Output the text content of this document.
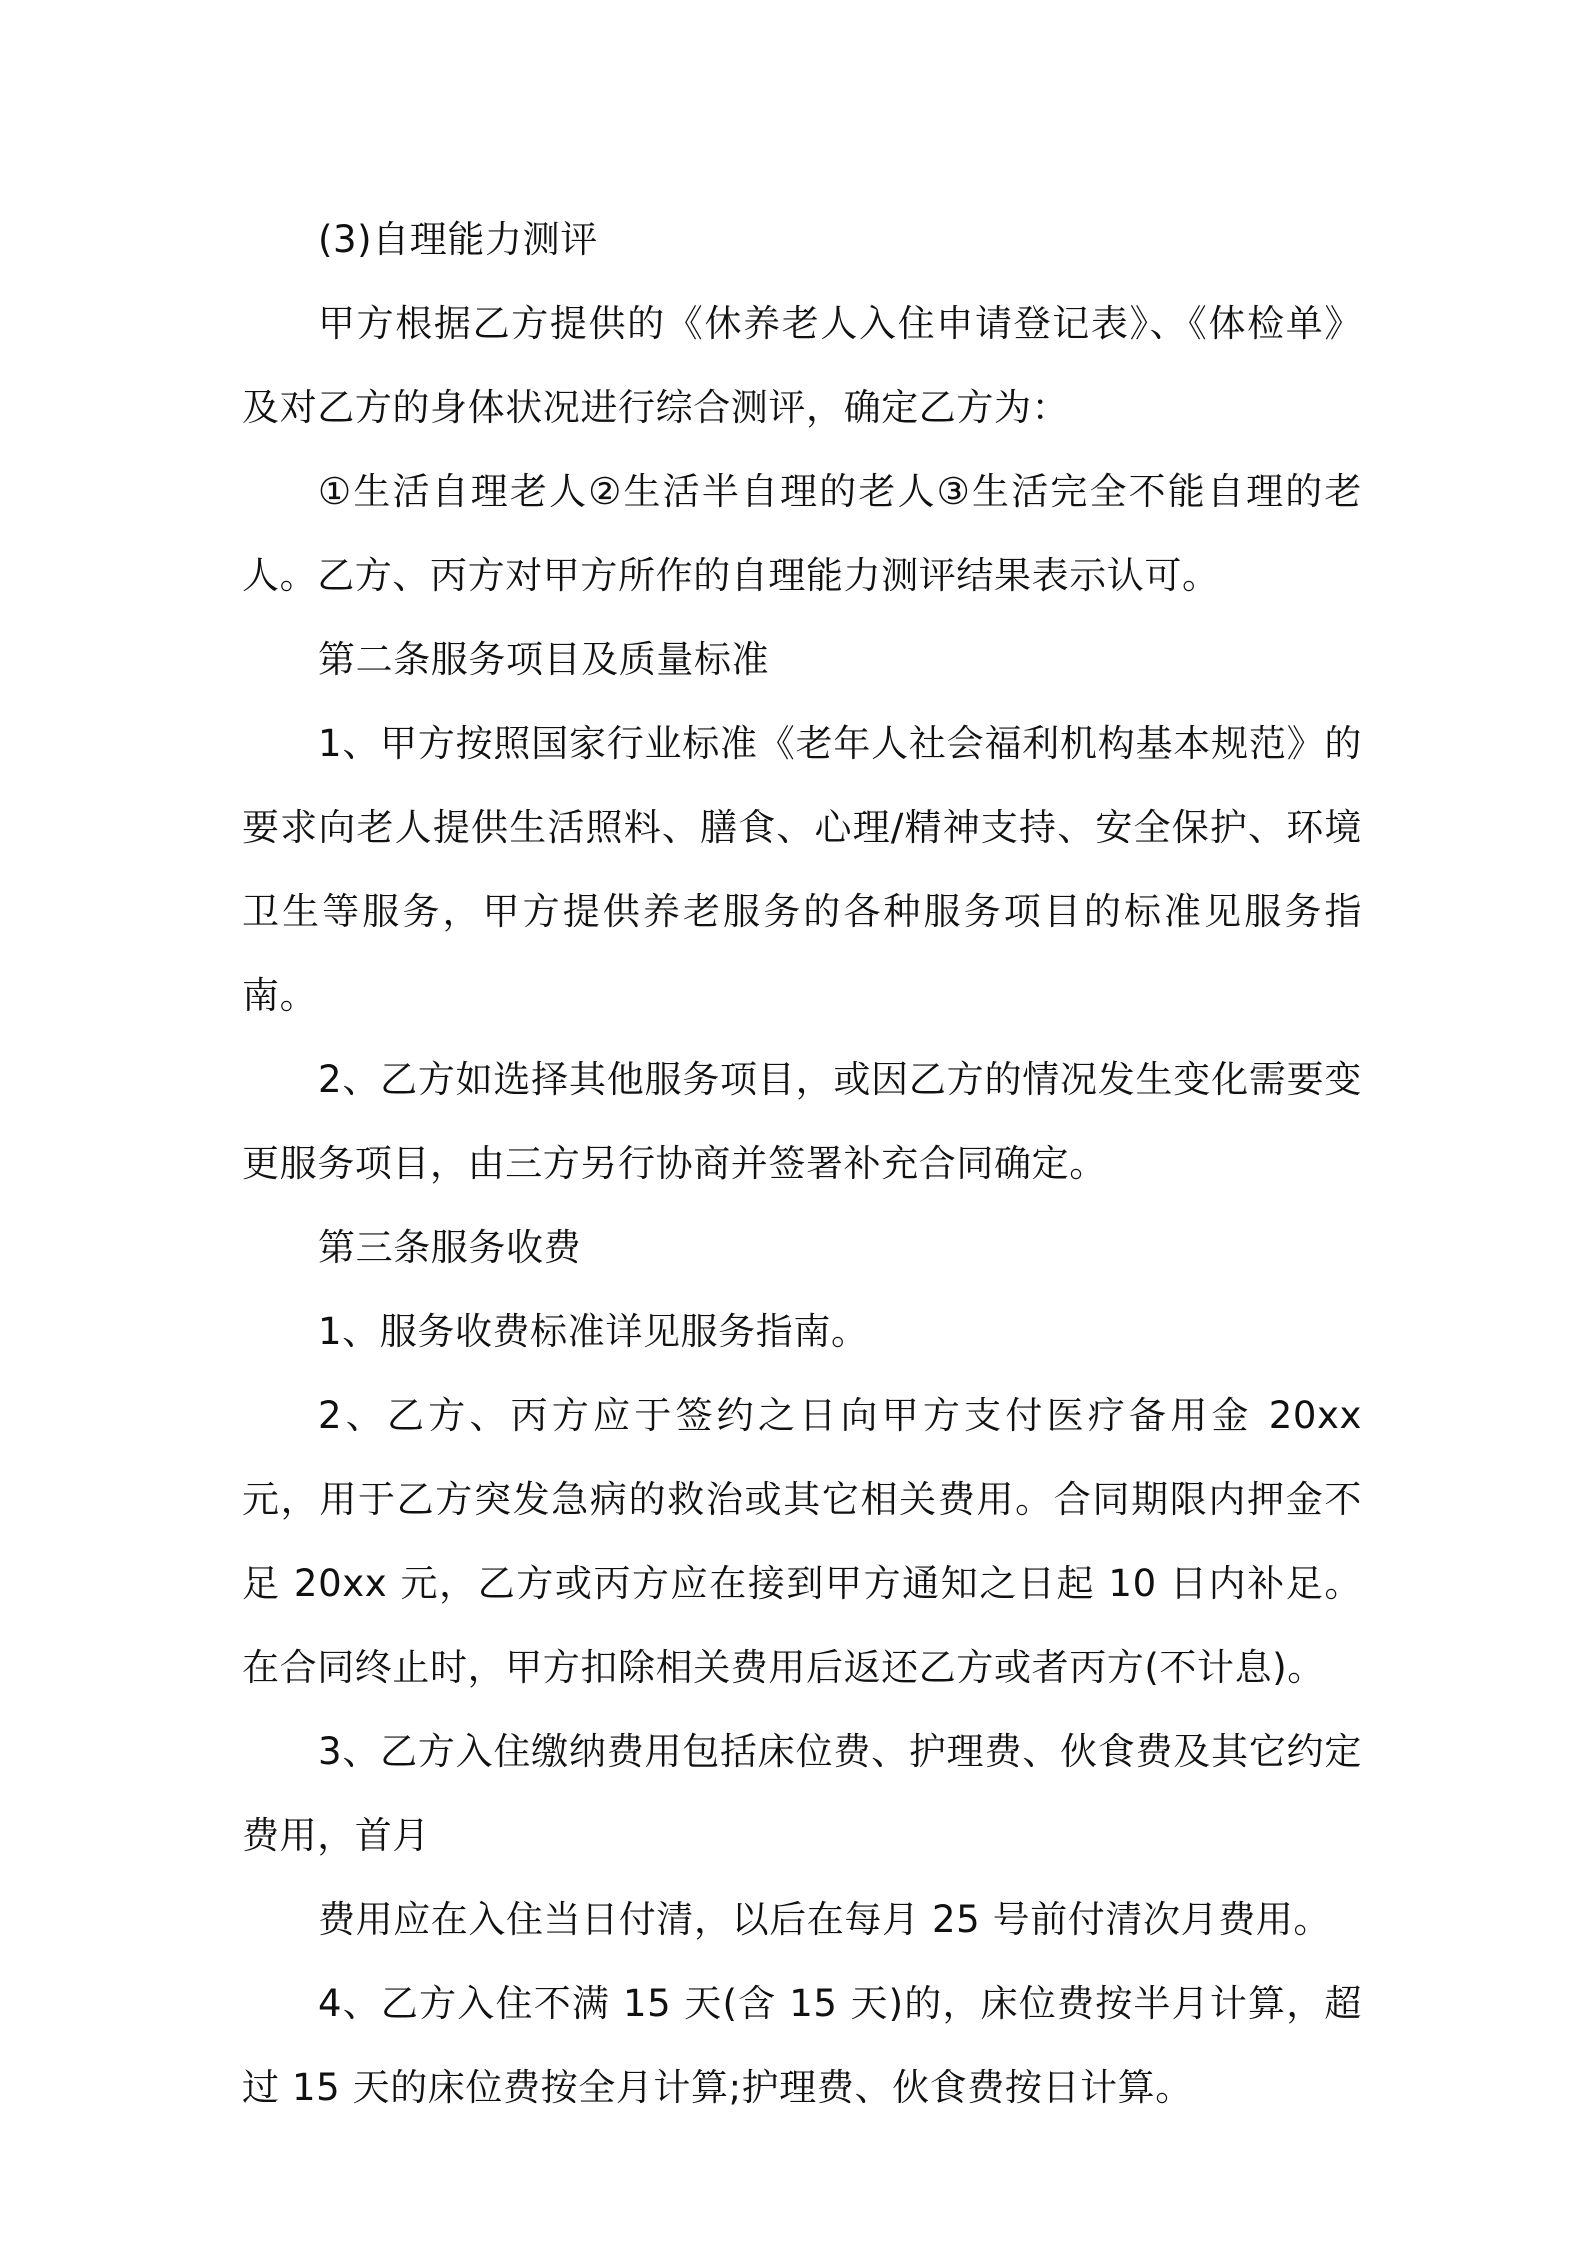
(3)自理能力测评

甲方根据乙方提供的《休养老人入住申请登记表》、《体检单》及对乙方的身体状况进行综合测评，确定乙方为：

①生活自理老人②生活半自理的老人③生活完全不能自理的老人。乙方、丙方对甲方所作的自理能力测评结果表示认可。

第二条服务项目及质量标准

1、甲方按照国家行业标准《老年人社会福利机构基本规范》的要求向老人提供生活照料、膳食、心理/精神支持、安全保护、环境卫生等服务，甲方提供养老服务的各种服务项目的标准见服务指南。

2、乙方如选择其他服务项目，或因乙方的情况发生变化需要变更服务项目，由三方另行协商并签署补充合同确定。

第三条服务收费

1、服务收费标准详见服务指南。

2、乙方、丙方应于签约之日向甲方支付医疗备用金 20xx 元，用于乙方突发急病的救治或其它相关费用。合同期限内押金不足 20xx 元，乙方或丙方应在接到甲方通知之日起 10 日内补足。在合同终止时，甲方扣除相关费用后返还乙方或者丙方(不计息)。

3、乙方入住缴纳费用包括床位费、护理费、伙食费及其它约定费用，首月

费用应在入住当日付清，以后在每月 25 号前付清次月费用。

4、乙方入住不满 15 天(含 15 天)的，床位费按半月计算，超过 15 天的床位费按全月计算;护理费、伙食费按日计算。
